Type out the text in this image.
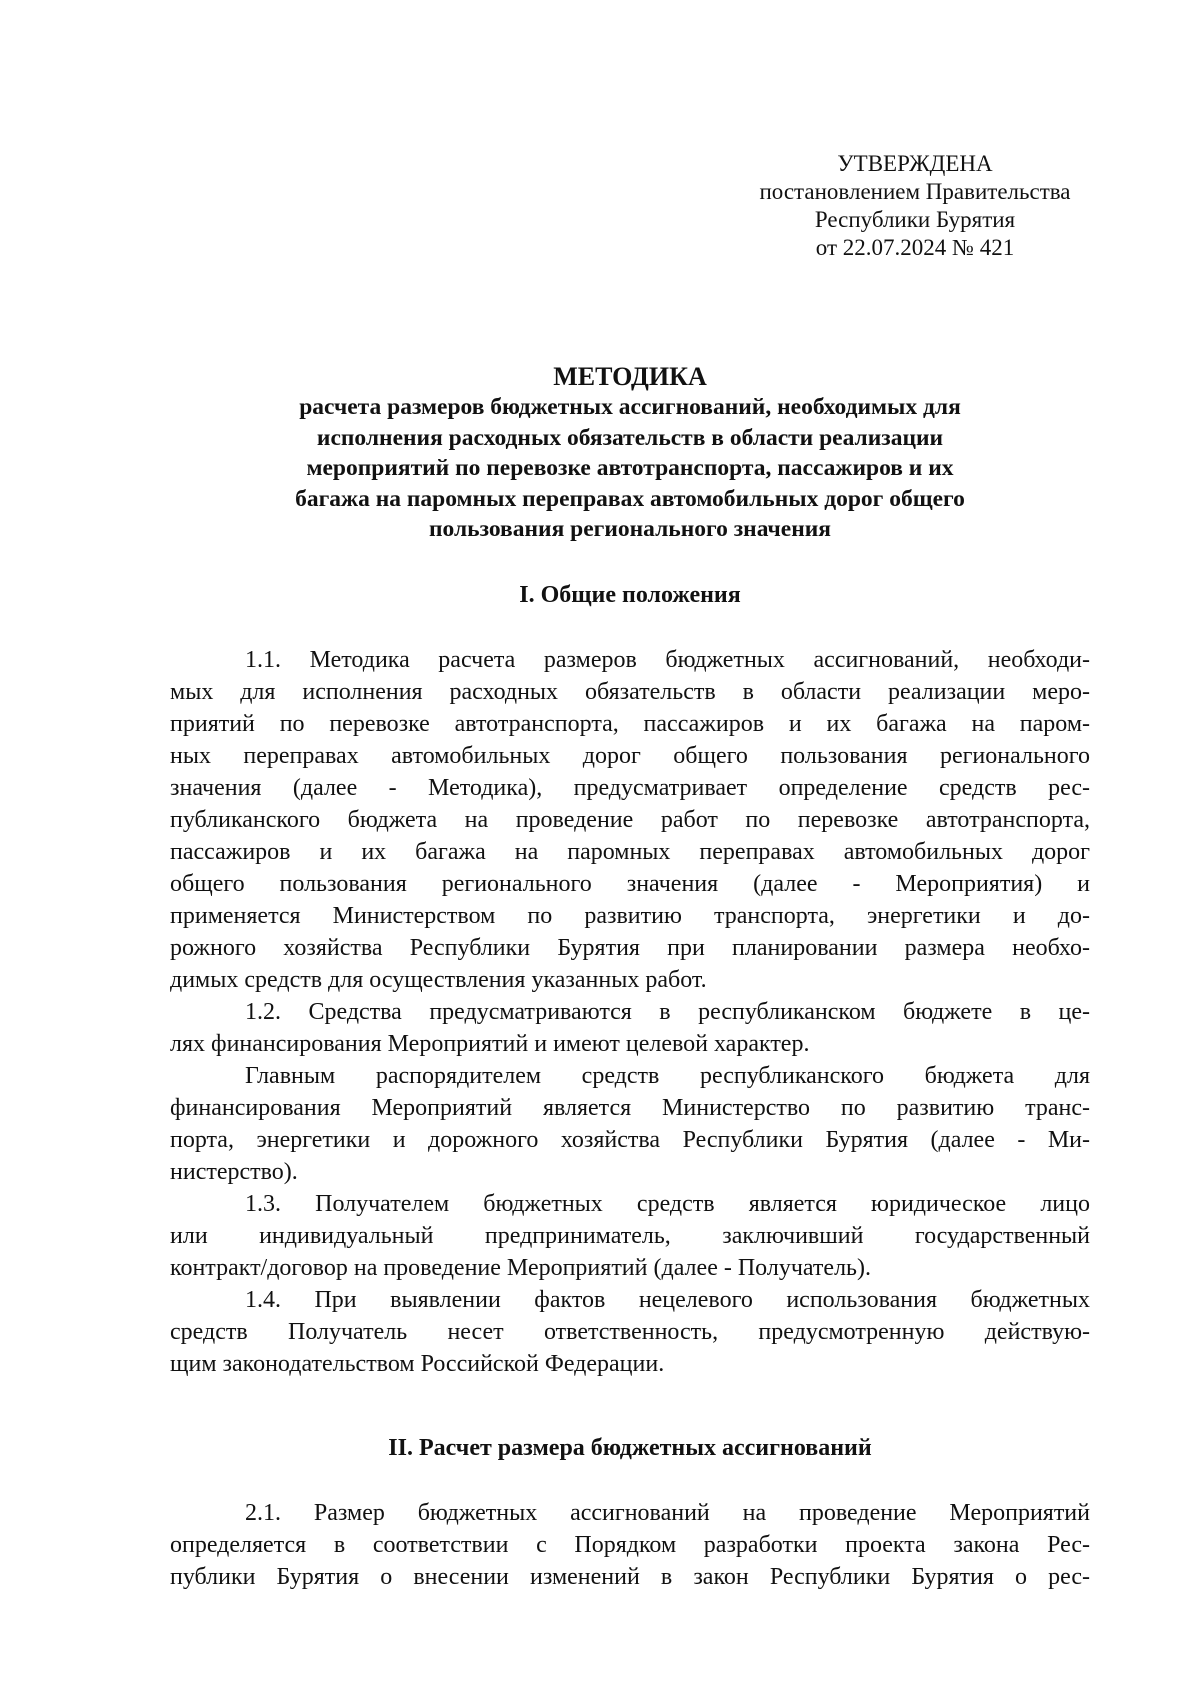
УТВЕРЖДЕНА
постановлением Правительства
Республики Бурятия
от 22.07.2024 № 421
МЕТОДИКА
расчета размеров бюджетных ассигнований, необходимых для
исполнения расходных обязательств в области реализации
мероприятий по перевозке автотранспорта, пассажиров и их
багажа на паромных переправах автомобильных дорог общего
пользования регионального значения
I. Общие положения
1.1. Методика расчета размеров бюджетных ассигнований, необходи-
мых для исполнения расходных обязательств в области реализации меро-
приятий по перевозке автотранспорта, пассажиров и их багажа на паром-
ных переправах автомобильных дорог общего пользования регионального
значения (далее - Методика), предусматривает определение средств рес-
публиканского бюджета на проведение работ по перевозке автотранспорта,
пассажиров и их багажа на паромных переправах автомобильных дорог
общего пользования регионального значения (далее - Мероприятия) и
применяется Министерством по развитию транспорта, энергетики и до-
рожного хозяйства Республики Бурятия при планировании размера необхо-
димых средств для осуществления указанных работ.
1.2. Средства предусматриваются в республиканском бюджете в це-
лях финансирования Мероприятий и имеют целевой характер.
Главным распорядителем средств республиканского бюджета для
финансирования Мероприятий является Министерство по развитию транс-
порта, энергетики и дорожного хозяйства Республики Бурятия (далее - Ми-
нистерство).
1.3. Получателем бюджетных средств является юридическое лицо
или индивидуальный предприниматель, заключивший государственный
контракт/договор на проведение Мероприятий (далее - Получатель).
1.4. При выявлении фактов нецелевого использования бюджетных
средств Получатель несет ответственность, предусмотренную действую-
щим законодательством Российской Федерации.
II. Расчет размера бюджетных ассигнований
2.1. Размер бюджетных ассигнований на проведение Мероприятий
определяется в соответствии с Порядком разработки проекта закона Рес-
публики Бурятия о внесении изменений в закон Республики Бурятия о рес-
